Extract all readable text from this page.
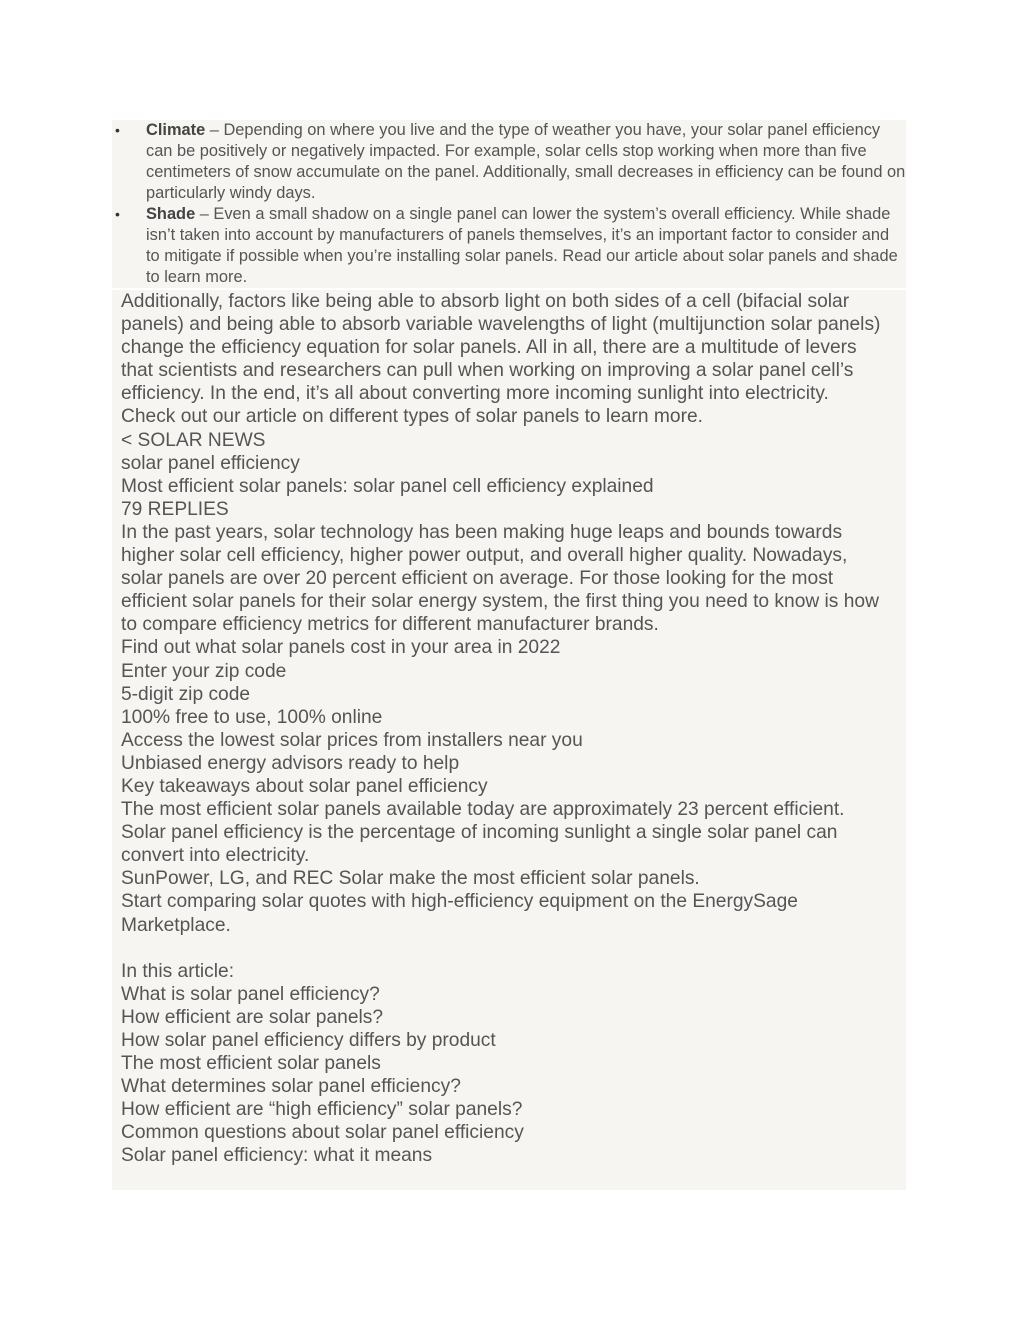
• Climate – Depending on where you live and the type of weather you have, your solar panel efficiency can be positively or negatively impacted. For example, solar cells stop working when more than five centimeters of snow accumulate on the panel. Additionally, small decreases in efficiency can be found on particularly windy days.
• Shade – Even a small shadow on a single panel can lower the system’s overall efficiency. While shade isn’t taken into account by manufacturers of panels themselves, it’s an important factor to consider and to mitigate if possible when you’re installing solar panels. Read our article about solar panels and shade to learn more.

Additionally, factors like being able to absorb light on both sides of a cell (bifacial solar panels) and being able to absorb variable wavelengths of light (multijunction solar panels) change the efficiency equation for solar panels. All in all, there are a multitude of levers that scientists and researchers can pull when working on improving a solar panel cell’s efficiency. In the end, it’s all about converting more incoming sunlight into electricity.

Check out our article on different types of solar panels to learn more.

< SOLAR NEWS

solar panel efficiency

Most efficient solar panels: solar panel cell efficiency explained

79 REPLIES

In the past years, solar technology has been making huge leaps and bounds towards higher solar cell efficiency, higher power output, and overall higher quality. Nowadays, solar panels are over 20 percent efficient on average. For those looking for the most efficient solar panels for their solar energy system, the first thing you need to know is how to compare efficiency metrics for different manufacturer brands.

Find out what solar panels cost in your area in 2022

Enter your zip code

5-digit zip code

100% free to use, 100% online

Access the lowest solar prices from installers near you

Unbiased energy advisors ready to help

Key takeaways about solar panel efficiency

The most efficient solar panels available today are approximately 23 percent efficient.

Solar panel efficiency is the percentage of incoming sunlight a single solar panel can convert into electricity.

SunPower, LG, and REC Solar make the most efficient solar panels.

Start comparing solar quotes with high-efficiency equipment on the EnergySage Marketplace.

In this article:

What is solar panel efficiency?

How efficient are solar panels?

How solar panel efficiency differs by product

The most efficient solar panels

What determines solar panel efficiency?

How efficient are “high efficiency” solar panels?

Common questions about solar panel efficiency

Solar panel efficiency: what it means
